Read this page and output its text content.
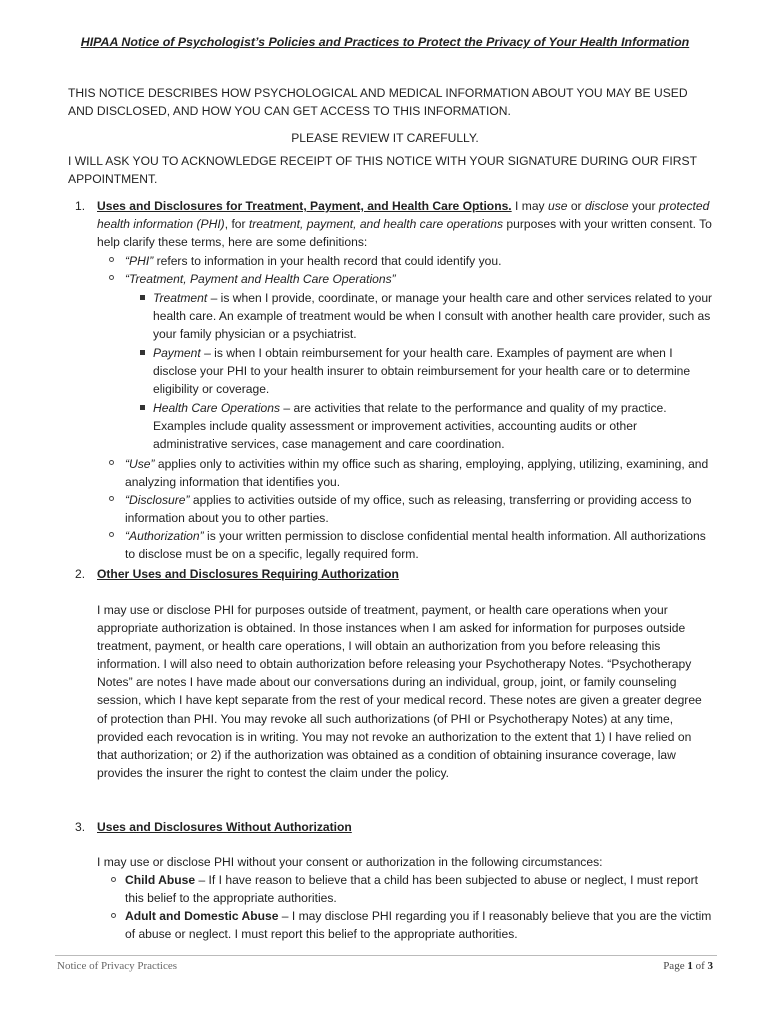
HIPAA Notice of Psychologist’s Policies and Practices to Protect the Privacy of Your Health Information
THIS NOTICE DESCRIBES HOW PSYCHOLOGICAL AND MEDICAL INFORMATION ABOUT YOU MAY BE USED AND DISCLOSED, AND HOW YOU CAN GET ACCESS TO THIS INFORMATION.
PLEASE REVIEW IT CAREFULLY.
I WILL ASK YOU TO ACKNOWLEDGE RECEIPT OF THIS NOTICE WITH YOUR SIGNATURE DURING OUR FIRST APPOINTMENT.
1. Uses and Disclosures for Treatment, Payment, and Health Care Options. I may use or disclose your protected health information (PHI), for treatment, payment, and health care operations purposes with your written consent. To help clarify these terms, here are some definitions:
“PHI” refers to information in your health record that could identify you.
“Treatment, Payment and Health Care Operations”
Treatment – is when I provide, coordinate, or manage your health care and other services related to your health care. An example of treatment would be when I consult with another health care provider, such as your family physician or a psychiatrist.
Payment – is when I obtain reimbursement for your health care. Examples of payment are when I disclose your PHI to your health insurer to obtain reimbursement for your health care or to determine eligibility or coverage.
Health Care Operations – are activities that relate to the performance and quality of my practice. Examples include quality assessment or improvement activities, accounting audits or other administrative services, case management and care coordination.
“Use” applies only to activities within my office such as sharing, employing, applying, utilizing, examining, and analyzing information that identifies you.
“Disclosure” applies to activities outside of my office, such as releasing, transferring or providing access to information about you to other parties.
“Authorization” is your written permission to disclose confidential mental health information. All authorizations to disclose must be on a specific, legally required form.
2. Other Uses and Disclosures Requiring Authorization
I may use or disclose PHI for purposes outside of treatment, payment, or health care operations when your appropriate authorization is obtained. In those instances when I am asked for information for purposes outside treatment, payment, or health care operations, I will obtain an authorization from you before releasing this information. I will also need to obtain authorization before releasing your Psychotherapy Notes. “Psychotherapy Notes” are notes I have made about our conversations during an individual, group, joint, or family counseling session, which I have kept separate from the rest of your medical record. These notes are given a greater degree of protection than PHI. You may revoke all such authorizations (of PHI or Psychotherapy Notes) at any time, provided each revocation is in writing. You may not revoke an authorization to the extent that 1) I have relied on that authorization; or 2) if the authorization was obtained as a condition of obtaining insurance coverage, law provides the insurer the right to contest the claim under the policy.
3. Uses and Disclosures Without Authorization
I may use or disclose PHI without your consent or authorization in the following circumstances:
Child Abuse – If I have reason to believe that a child has been subjected to abuse or neglect, I must report this belief to the appropriate authorities.
Adult and Domestic Abuse – I may disclose PHI regarding you if I reasonably believe that you are the victim of abuse or neglect. I must report this belief to the appropriate authorities.
Notice of Privacy Practices	Page 1 of 3
